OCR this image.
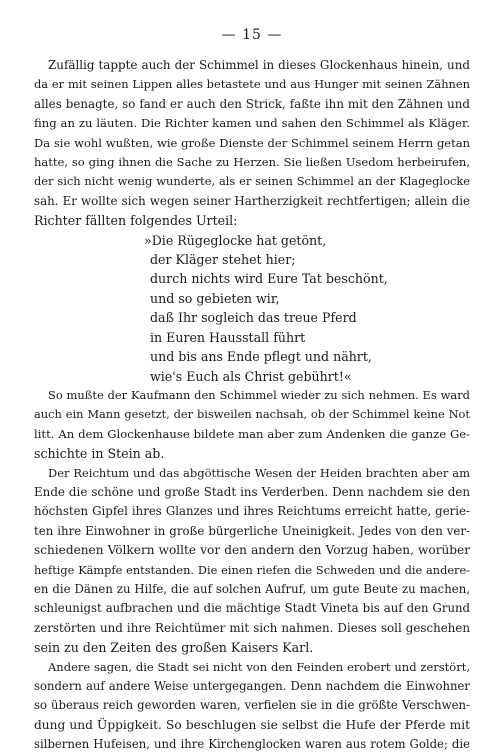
— 15 —
Zufällig tappte auch der Schimmel in dieses Glockenhaus hinein, und
da er mit seinen Lippen alles betastete und aus Hunger mit seinen Zähnen
alles benagte, so fand er auch den Strick, faßte ihn mit den Zähnen und
fing an zu läuten. Die Richter kamen und sahen den Schimmel als Kläger.
Da sie wohl wußten, wie große Dienste der Schimmel seinem Herrn getan
hatte, so ging ihnen die Sache zu Herzen. Sie ließen Usedom herbeirufen,
der sich nicht wenig wunderte, als er seinen Schimmel an der Klageglocke
sah. Er wollte sich wegen seiner Hartherzigkeit rechtfertigen; allein die
Richter fällten folgendes Urteil:
»Die Rügeglocke hat getönt,
der Kläger stehet hier;
durch nichts wird Eure Tat beschönt,
und so gebieten wir,
daß Ihr sogleich das treue Pferd
in Euren Hausstall führt
und bis ans Ende pflegt und nährt,
wie's Euch als Christ gebührt!«
So mußte der Kaufmann den Schimmel wieder zu sich nehmen. Es ward
auch ein Mann gesetzt, der bisweilen nachsah, ob der Schimmel keine Not
litt. An dem Glockenhause bildete man aber zum Andenken die ganze Ge-
schichte in Stein ab.
Der Reichtum und das abgöttische Wesen der Heiden brachten aber am
Ende die schöne und große Stadt ins Verderben. Denn nachdem sie den
höchsten Gipfel ihres Glanzes und ihres Reichtums erreicht hatte, gerie-
ten ihre Einwohner in große bürgerliche Uneinigkeit. Jedes von den ver-
schiedenen Völkern wollte vor den andern den Vorzug haben, worüber
heftige Kämpfe entstanden. Die einen riefen die Schweden und die andere-
en die Dänen zu Hilfe, die auf solchen Aufruf, um gute Beute zu machen,
schleunigst aufbrachen und die mächtige Stadt Vineta bis auf den Grund
zerstörten und ihre Reichtümer mit sich nahmen. Dieses soll geschehen
sein zu den Zeiten des großen Kaisers Karl.
Andere sagen, die Stadt sei nicht von den Feinden erobert und zerstört,
sondern auf andere Weise untergegangen. Denn nachdem die Einwohner
so überaus reich geworden waren, verfielen sie in die größte Verschwen-
dung und Üppigkeit. So beschlugen sie selbst die Hufe der Pferde mit
silbernen Hufeisen, und ihre Kirchenglocken waren aus rotem Golde; die
